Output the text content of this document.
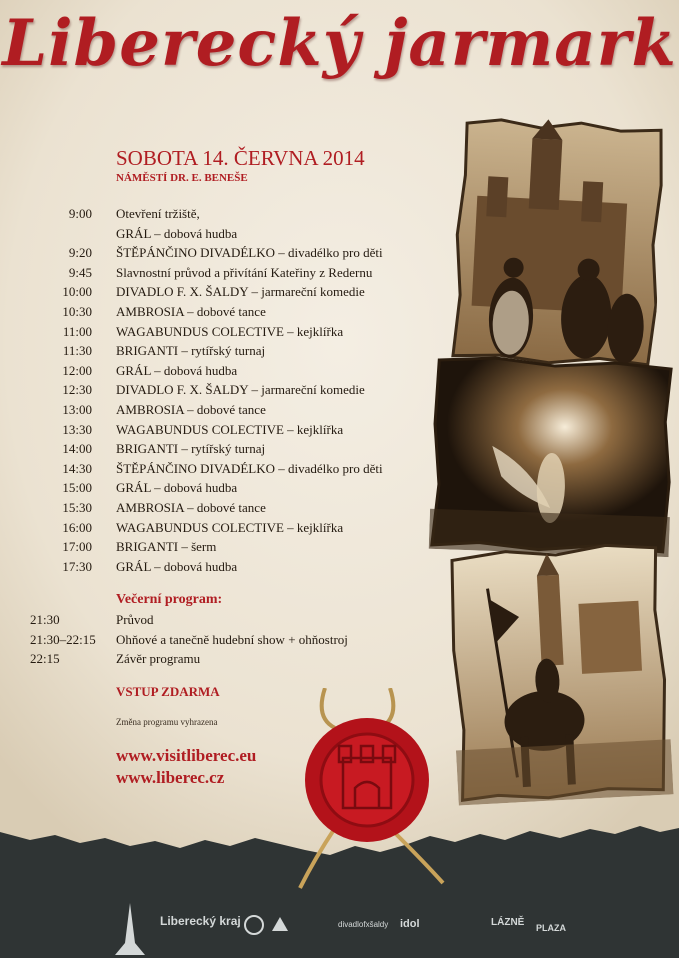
Liberecký jarmark
SOBOTA 14. ČERVNA 2014
NÁMĚSTÍ DR. E. BENEŠE
9:00 Otevření tržiště,
GRÁL – dobová hudba
9:20 ŠTĚPÁNČINO DIVADÉLKO – divadélko pro děti
9:45 Slavnostní průvod a přivítání Kateřiny z Redernu
10:00 DIVADLO F. X. ŠALDY – jarmareční komedie
10:30 AMBROSIA – dobové tance
11:00 WAGABUNDUS COLECTIVE – kejklířka
11:30 BRIGANTI – rytířský turnaj
12:00 GRÁL – dobová hudba
12:30 DIVADLO F. X. ŠALDY – jarmareční komedie
13:00 AMBROSIA – dobové tance
13:30 WAGABUNDUS COLECTIVE – kejklířka
14:00 BRIGANTI – rytířský turnaj
14:30 ŠTĚPÁNČINO DIVADÉLKO – divadélko pro děti
15:00 GRÁL – dobová hudba
15:30 AMBROSIA – dobové tance
16:00 WAGABUNDUS COLECTIVE – kejklířka
17:00 BRIGANTI – šerm
17:30 GRÁL – dobová hudba
Večerní program:
21:30	Průvod
21:30–22:15 Ohňové a tanečně hudební show + ohňostroj
22:15	Závěr programu
VSTUP ZDARMA
Změna programu vyhrazena
www.visitliberec.eu
www.liberec.cz
Liberecký kraj	divadlofxšaldy idol	LÁZNĚ PLAZA
